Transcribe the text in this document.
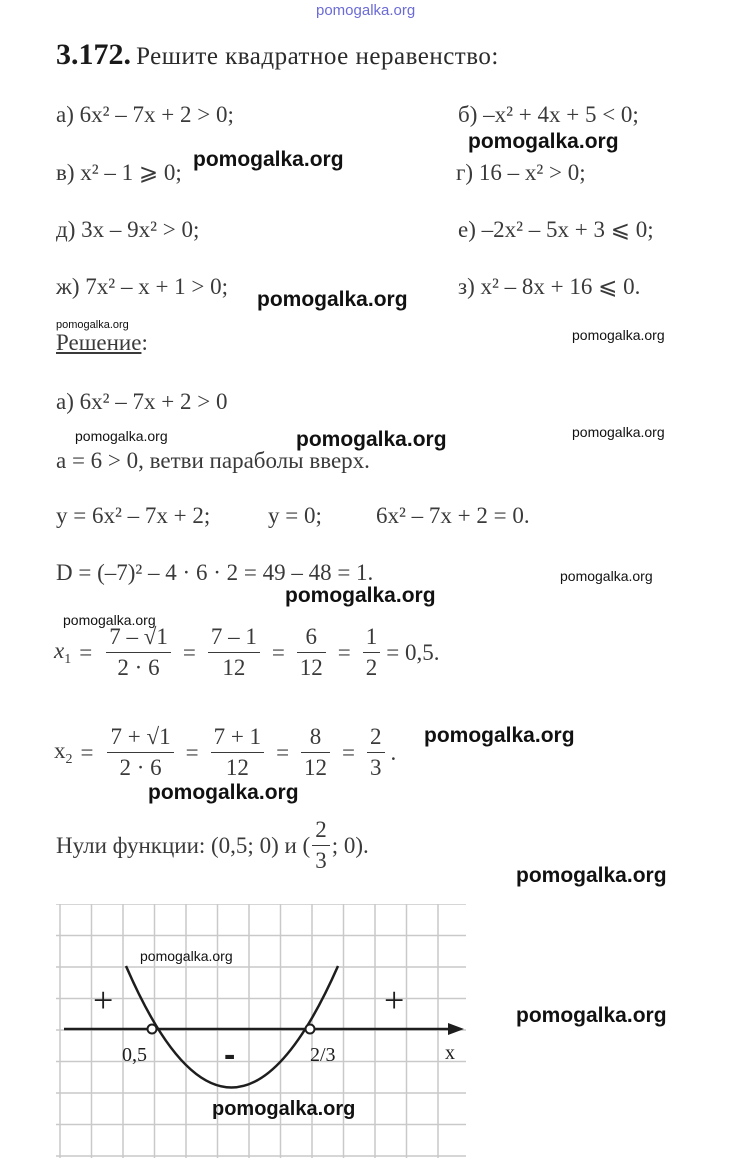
pomogalka.org
3.172. Решите квадратное неравенство:
а) 6x² – 7x + 2 > 0;	б) –x² + 4x + 5 < 0;
в) x² – 1 ⩾ 0;	г) 16 – x² > 0;
д) 3x – 9x² > 0;	е) –2x² – 5x + 3 ⩽ 0;
ж) 7x² – x + 1 > 0;	з) x² – 8x + 16 ⩽ 0.
pomogalka.org
pomogalka.org
pomogalka.org
pomogalka.org
pomogalka.org
Решение:
а) 6x² – 7x + 2 > 0
pomogalka.org	pomogalka.org	pomogalka.org
a = 6 > 0, ветви параболы вверх.
y = 6x² – 7x + 2;	y = 0; 6x² – 7x + 2 = 0.
D = (–7)² – 4 · 6 · 2 = 49 – 48 = 1.	pomogalka.org
pomogalka.org
pomogalka.org
$x_1 = \frac{7 - √1}{2 \cdot 6} = \frac{7 - 1}{12} = \frac{6}{12} = \frac{1}{2} = 0,5$.
$x_2 = \frac{7 + √1}{2 \cdot 6} = \frac{7 + 1}{12} = \frac{8}{12} = \frac{2}{3}$ .
pomogalka.org
pomogalka.org
Нули функции: (0,5; 0) и ( $\frac{2}{3}$ ; 0).
pomogalka.org
pomogalka.org
+	+
-
0,5	2/3	x
pomogalka.org
pomogalka.org
